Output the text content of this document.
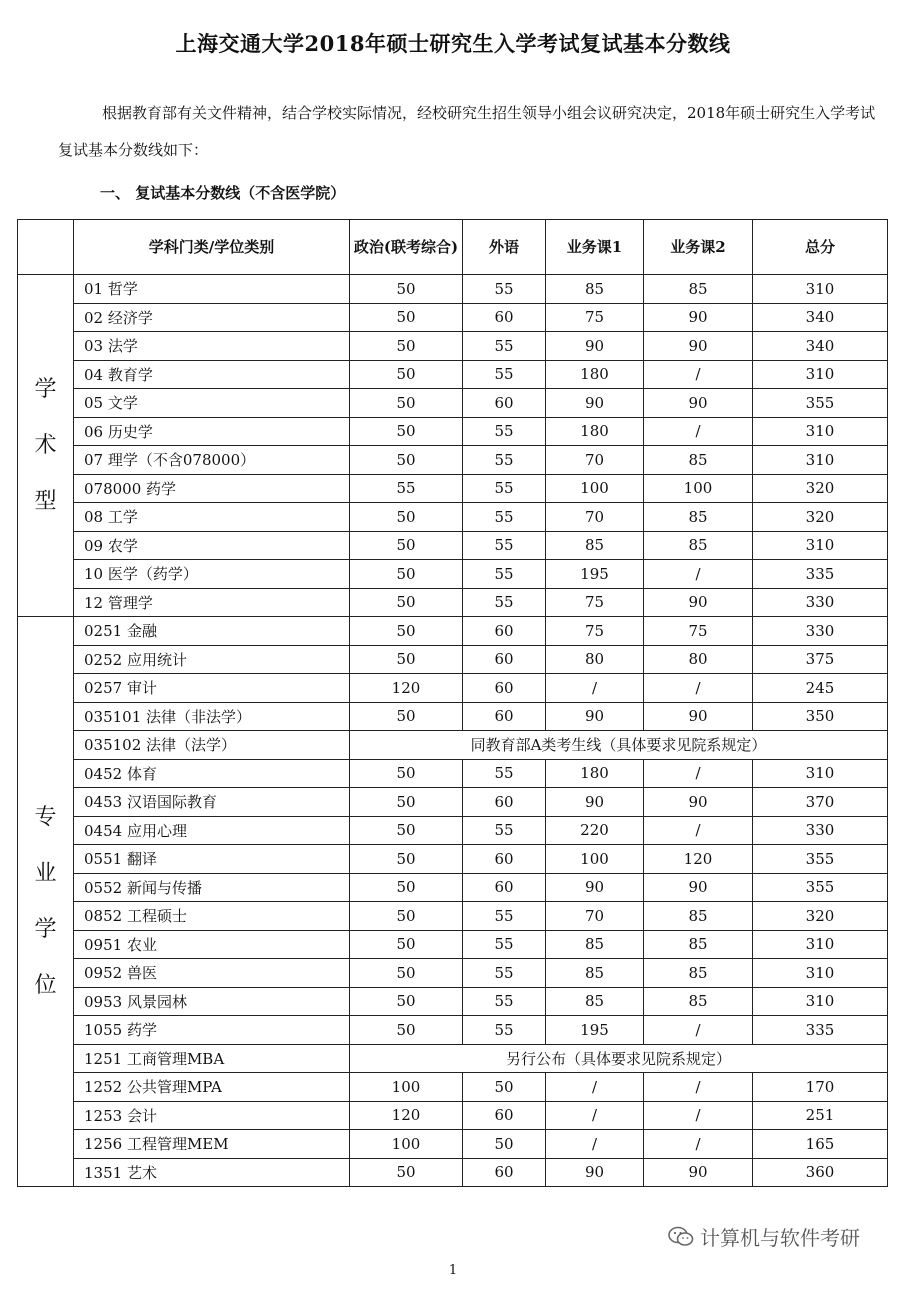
上海交通大学2018年硕士研究生入学考试复试基本分数线
根据教育部有关文件精神，结合学校实际情况，经校研究生招生领导小组会议研究决定，2018年硕士研究生入学考试复试基本分数线如下：
一、 复试基本分数线（不含医学院）
	学科门类/学位类别	政治(联考综合)	外语	业务课1	业务课2	总分

学
术
型	01 哲学	50	55	85	85	310
	02 经济学	50	60	75	90	340
	03 法学	50	55	90	90	340
	04 教育学	50	55	180	/	310
	05 文学	50	60	90	90	355
	06 历史学	50	55	180	/	310
	07 理学（不含078000）	50	55	70	85	310
	078000 药学	55	55	100	100	320
	08 工学	50	55	70	85	320
	09 农学	50	55	85	85	310
	10 医学（药学）	50	55	195	/	335
	12 管理学	50	55	75	90	330

专
业
学
位	0251 金融	50	60	75	75	330
	0252 应用统计	50	60	80	80	375
	0257 审计	120	60	/	/	245
	035101 法律（非法学）	50	60	90	90	350
	035102 法律（法学）	同教育部A类考生线（具体要求见院系规定）				
	0452 体育	50	55	180	/	310
	0453 汉语国际教育	50	60	90	90	370
	0454 应用心理	50	55	220	/	330
	0551 翻译	50	60	100	120	355
	0552 新闻与传播	50	60	90	90	355
	0852 工程硕士	50	55	70	85	320
	0951 农业	50	55	85	85	310
	0952 兽医	50	55	85	85	310
	0953 风景园林	50	55	85	85	310
	1055 药学	50	55	195	/	335
	1251 工商管理MBA	另行公布（具体要求见院系规定）				
	1252 公共管理MPA	100	50	/	/	170
	1253 会计	120	60	/	/	251
	1256 工程管理MEM	100	50	/	/	165
	1351 艺术	50	60	90	90	360
计算机与软件考研
1
